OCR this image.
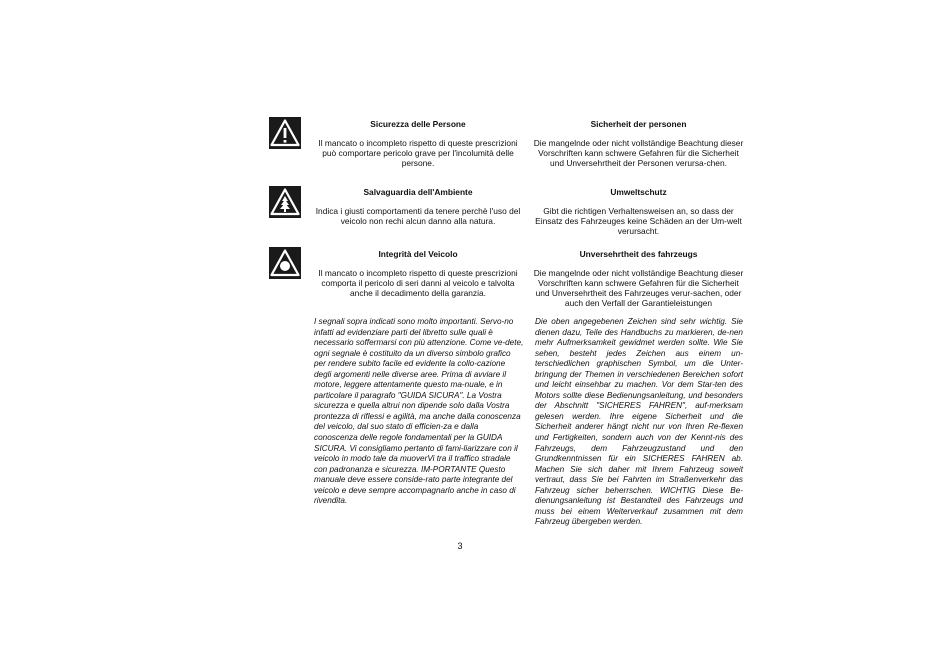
Sicurezza delle Persone
Il mancato o incompleto rispetto di queste prescrizioni può comportare pericolo grave per l'incolumità delle persone.
Sicherheit der personen
Die mangelnde oder nicht vollständige Beachtung dieser Vorschriften kann schwere Gefahren für die Sicherheit und Unversehrtheit der Personen verursa-chen.
Salvaguardia dell'Ambiente
Indica i giusti comportamenti da tenere perchè l'uso del veicolo non rechi alcun danno alla natura.
Umweltschutz
Gibt die richtigen Verhaltensweisen an, so dass der Einsatz des Fahrzeuges keine Schäden an der Um-welt verursacht.
Integrità del Veicolo
Il mancato o incompleto rispetto di queste prescrizioni comporta il pericolo di seri danni al veicolo e talvolta anche il decadimento della garanzia.
Unversehrtheit des fahrzeugs
Die mangelnde oder nicht vollständige Beachtung dieser Vorschriften kann schwere Gefahren für die Sicherheit und Unversehrtheit des Fahrzeuges verur-sachen, oder auch den Verfall der Garantieleistungen
I segnali sopra indicati sono molto importanti. Servo-no infatti ad evidenziare parti del libretto sulle quali è necessario soffermarsi con più attenzione. Come ve-dete, ogni segnale è costituito da un diverso simbolo grafico per rendere subito facile ed evidente la collo-cazione degli argomenti nelle diverse aree. Prima di avviare il motore, leggere attentamente questo ma-nuale, e in particolare il paragrafo "GUIDA SICURA". La Vostra sicurezza e quella altrui non dipende solo dalla Vostra prontezza di riflessi e agilità, ma anche dalla conoscenza del veicolo, dal suo stato di efficien-za e dalla conoscenza delle regole fondamentali per la GUIDA SICURA. Vi consigliamo pertanto di fami-liarizzare con il veicolo in modo tale da muoverVi tra il traffico stradale con padronanza e sicurezza. IM-PORTANTE Questo manuale deve essere conside-rato parte integrante del veicolo e deve sempre accompagnarlo anche in caso di rivendita.
Die oben angegebenen Zeichen sind sehr wichtig. Sie dienen dazu, Teile des Handbuchs zu markieren, de-nen mehr Aufmerksamkeit gewidmet werden sollte. Wie Sie sehen, besteht jedes Zeichen aus einem un-terschiedlichen graphischen Symbol, um die Unter-bringung der Themen in verschiedenen Bereichen sofort und leicht einsehbar zu machen. Vor dem Star-ten des Motors sollte diese Bedienungsanleitung, und besonders der Abschnitt "SICHERES FAHREN", auf-merksam gelesen werden. Ihre eigene Sicherheit und die Sicherheit anderer hängt nicht nur von Ihren Re-flexen und Fertigkeiten, sondern auch von der Kennt-nis des Fahrzeugs, dem Fahrzeugzustand und den Grundkenntnissen für ein SICHERES FAHREN ab. Machen Sie sich daher mit Ihrem Fahrzeug soweit vertraut, dass Sie bei Fahrten im Straßenverkehr das Fahrzeug sicher beherrschen. WICHTIG Diese Be-dienungsanleitung ist Bestandteil des Fahrzeugs und muss bei einem Weiterverkauf zusammen mit dem Fahrzeug übergeben werden.
3
